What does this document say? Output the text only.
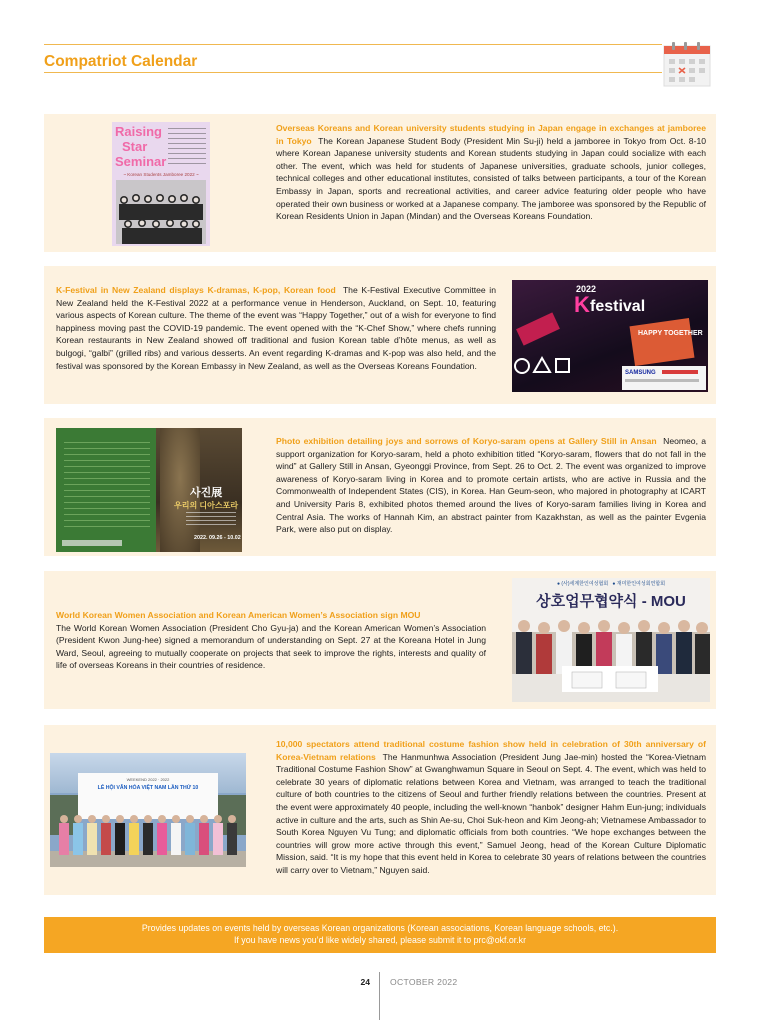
Compatriot Calendar
Raising
Star
Seminar
~ Korean Students Jamboree 2022 ~
Overseas Koreans and Korean university students studying in Japan engage in exchanges at jamboree in Tokyo The Korean Japanese Student Body (President Min Su-ji) held a jamboree in Tokyo from Oct. 8-10 where Korean Japanese university students and Korean students studying in Japan could socialize with each other. The event, which was held for students of Japanese universities, graduate schools, junior colleges, technical colleges and other educational institutes, consisted of talks between participants, a tour of the Korean Embassy in Japan, sports and recreational activities, and career advice featuring older people who have operated their own business or worked at a Japanese company. The jamboree was sponsored by the Republic of Korean Residents Union in Japan (Mindan) and the Overseas Koreans Foundation.
K-Festival in New Zealand displays K-dramas, K-pop, Korean food The K-Festival Executive Committee in New Zealand held the K-Festival 2022 at a performance venue in Henderson, Auckland, on Sept. 10, featuring various aspects of Korean culture. The theme of the event was “Happy Together,” out of a wish for everyone to find happiness moving past the COVID-19 pandemic. The event opened with the “K-Chef Show,” where chefs running Korean restaurants in New Zealand showed off traditional and fusion Korean table d’hôte menus, as well as bulgogi, “galbi” (grilled ribs) and various desserts. An event regarding K-dramas and K-pop was also held, and the festival was sponsored by the Korean Embassy in New Zealand, as well as the Overseas Koreans Foundation.
2022
K festival
HAPPY TOGETHER
SAMSUNG
사진展
우리의 디아스포라
2022. 09.26 - 10.02
Photo exhibition detailing joys and sorrows of Koryo-saram opens at Gallery Still in Ansan Neomeo, a support organization for Koryo-saram, held a photo exhibition titled “Koryo-saram, flowers that do not fall in the wind” at Gallery Still in Ansan, Gyeonggi Province, from Sept. 26 to Oct. 2. The event was organized to improve awareness of Koryo-saram living in Korea and to promote certain artists, who are active in Russia and the Commonwealth of Independent States (CIS), in Korea. Han Geum-seon, who majored in photography at ICART and University Paris 8, exhibited photos themed around the lives of Koryo-saram families living in Korea and Central Asia. The works of Hannah Kim, an abstract painter from Kazakhstan, as well as the painter Evgenia Park, were also put on display.
World Korean Women Association and Korean American Women’s Association sign MOU
The World Korean Women Association (President Cho Gyu-ja) and the Korean American Women’s Association (President Kwon Jung-hee) signed a memorandum of understanding on Sept. 27 at the Koreana Hotel in Jung Ward, Seoul, agreeing to mutually cooperate on projects that seek to improve the rights, interests and quality of life of overseas Koreans in their countries of residence.
● (사)세계한인여성협회   ● 재미한인여성회연합회
상호업무협약식 - MOU
WEEKEND 2022 · 2022
LỄ HỘI VĂN HÓA VIỆT NAM LẦN THỨ 10
10,000 spectators attend traditional costume fashion show held in celebration of 30th anniversary of Korea-Vietnam relations The Hanmunhwa Association (President Jung Jae-min) hosted the “Korea-Vietnam Traditional Costume Fashion Show” at Gwanghwamun Square in Seoul on Sept. 4. The event, which was held to celebrate 30 years of diplomatic relations between Korea and Vietnam, was arranged to teach the traditional culture of both countries to the citizens of Seoul and further friendly relations between the countries. Present at the event were approximately 40 people, including the well-known “hanbok” designer Hahm Eun-jung; individuals active in culture and the arts, such as Shin Ae-su, Choi Suk-heon and Kim Jeong-ah; Vietnamese Ambassador to South Korea Nguyen Vu Tung; and diplomatic officials from both countries. “We hope exchanges between the countries will grow more active through this event,” Samuel Jeong, head of the Korean Culture Diplomatic Mission, said. “It is my hope that this event held in Korea to celebrate 30 years of relations between the countries will carry over to Vietnam,” Nguyen said.
Provides updates on events held by overseas Korean organizations (Korean associations, Korean language schools, etc.).
If you have news you’d like widely shared, please submit it to prc@okf.or.kr
24 OCTOBER 2022
